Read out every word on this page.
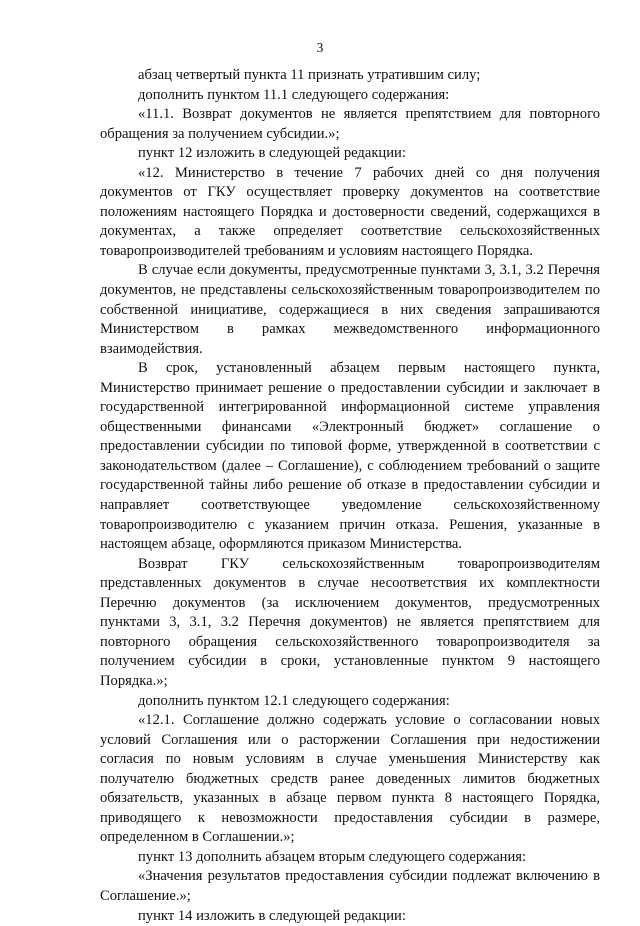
3

абзац четвертый пункта 11 признать утратившим силу;

дополнить пунктом 11.1 следующего содержания:

«11.1. Возврат документов не является препятствием для повторного обращения за получением субсидии.»;

пункт 12 изложить в следующей редакции:

«12. Министерство в течение 7 рабочих дней со дня получения документов от ГКУ осуществляет проверку документов на соответствие положениям настоящего Порядка и достоверности сведений, содержащихся в документах, а также определяет соответствие сельскохозяйственных товаропроизводителей требованиям и условиям настоящего Порядка.

В случае если документы, предусмотренные пунктами 3, 3.1, 3.2 Перечня документов, не представлены сельскохозяйственным товаропроизводителем по собственной инициативе, содержащиеся в них сведения запрашиваются Министерством в рамках межведомственного информационного взаимодействия.

В срок, установленный абзацем первым настоящего пункта, Министерство принимает решение о предоставлении субсидии и заключает в государственной интегрированной информационной системе управления общественными финансами «Электронный бюджет» соглашение о предоставлении субсидии по типовой форме, утвержденной в соответствии с законодательством (далее – Соглашение), с соблюдением требований о защите государственной тайны либо решение об отказе в предоставлении субсидии и направляет соответствующее уведомление сельскохозяйственному товаропроизводителю с указанием причин отказа. Решения, указанные в настоящем абзаце, оформляются приказом Министерства.

Возврат ГКУ сельскохозяйственным товаропроизводителям представленных документов в случае несоответствия их комплектности Перечню документов (за исключением документов, предусмотренных пунктами 3, 3.1, 3.2 Перечня документов) не является препятствием для повторного обращения сельскохозяйственного товаропроизводителя за получением субсидии в сроки, установленные пунктом 9 настоящего Порядка.»;

дополнить пунктом 12.1 следующего содержания:

«12.1. Соглашение должно содержать условие о согласовании новых условий Соглашения или о расторжении Соглашения при недостижении согласия по новым условиям в случае уменьшения Министерству как получателю бюджетных средств ранее доведенных лимитов бюджетных обязательств, указанных в абзаце первом пункта 8 настоящего Порядка, приводящего к невозможности предоставления субсидии в размере, определенном в Соглашении.»;

пункт 13 дополнить абзацем вторым следующего содержания:

«Значения результатов предоставления субсидии подлежат включению в Соглашение.»;

пункт 14 изложить в следующей редакции:
